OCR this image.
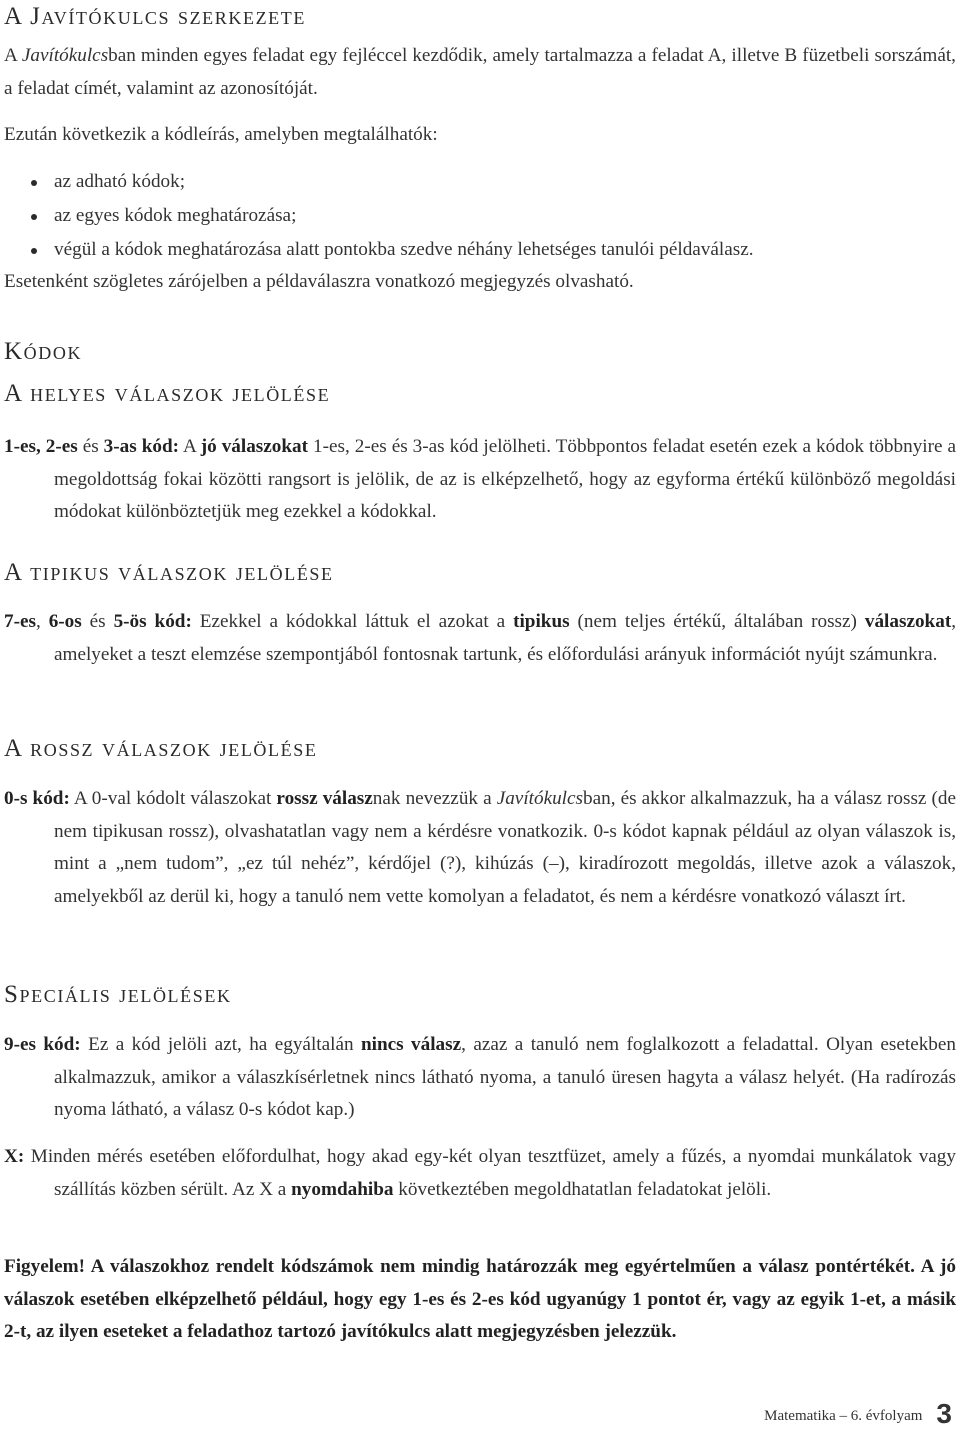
A Javítókulcs szerkezete
A Javítókulcsban minden egyes feladat egy fejléccel kezdődik, amely tartalmazza a feladat A, illetve B füzetbeli sorszámát, a feladat címét, valamint az azonosítóját.
Ezután következik a kódleírás, amelyben megtalálhatók:
az adható kódok;
az egyes kódok meghatározása;
végül a kódok meghatározása alatt pontokba szedve néhány lehetséges tanulói példaválasz.
Esetenként szögletes zárójelben a példaválaszra vonatkozó megjegyzés olvasható.
Kódok
A helyes válaszok jelölése
1-es, 2-es és 3-as kód: A jó válaszokat 1-es, 2-es és 3-as kód jelölheti. Többpontos feladat esetén ezek a kódok többnyire a megoldottság fokai közötti rangsort is jelölik, de az is elképzelhető, hogy az egyforma értékű különböző megoldási módokat különböztetjük meg ezekkel a kódokkal.
A tipikus válaszok jelölése
7-es, 6-os és 5-ös kód: Ezekkel a kódokkal láttuk el azokat a tipikus (nem teljes értékű, általában rossz) válaszokat, amelyeket a teszt elemzése szempontjából fontosnak tartunk, és előfordulási arányuk információt nyújt számunkra.
A rossz válaszok jelölése
0-s kód: A 0-val kódolt válaszokat rossz válasznak nevezzük a Javítókulcsban, és akkor alkalmazzuk, ha a válasz rossz (de nem tipikusan rossz), olvashatatlan vagy nem a kérdésre vonatkozik. 0-s kódot kapnak például az olyan válaszok is, mint a „nem tudom”, „ez túl nehéz”, kérdőjel (?), kihúzás (–), kiradírozott megoldás, illetve azok a válaszok, amelyekből az derül ki, hogy a tanuló nem vette komolyan a feladatot, és nem a kérdésre vonatkozó választ írt.
Speciális jelölések
9-es kód: Ez a kód jelöli azt, ha egyáltalán nincs válasz, azaz a tanuló nem foglalkozott a feladattal. Olyan esetekben alkalmazzuk, amikor a válaszkísérletnek nincs látható nyoma, a tanuló üresen hagyta a válasz helyét. (Ha radírozás nyoma látható, a válasz 0-s kódot kap.)
X: Minden mérés esetében előfordulhat, hogy akad egy-két olyan tesztfüzet, amely a fűzés, a nyomdai munkálatok vagy szállítás közben sérült. Az X a nyomdahiba következtében megoldhatatlan feladatokat jelöli.
Figyelem! A válaszokhoz rendelt kódszámok nem mindig határozzák meg egyértelműen a válasz pontértékét. A jó válaszok esetében elképzelhető például, hogy egy 1-es és 2-es kód ugyanúgy 1 pontot ér, vagy az egyik 1-et, a másik 2-t, az ilyen eseteket a feladathoz tartozó javítókulcs alatt megjegyzésben jelezzük.
Matematika – 6. évfolyam 3
